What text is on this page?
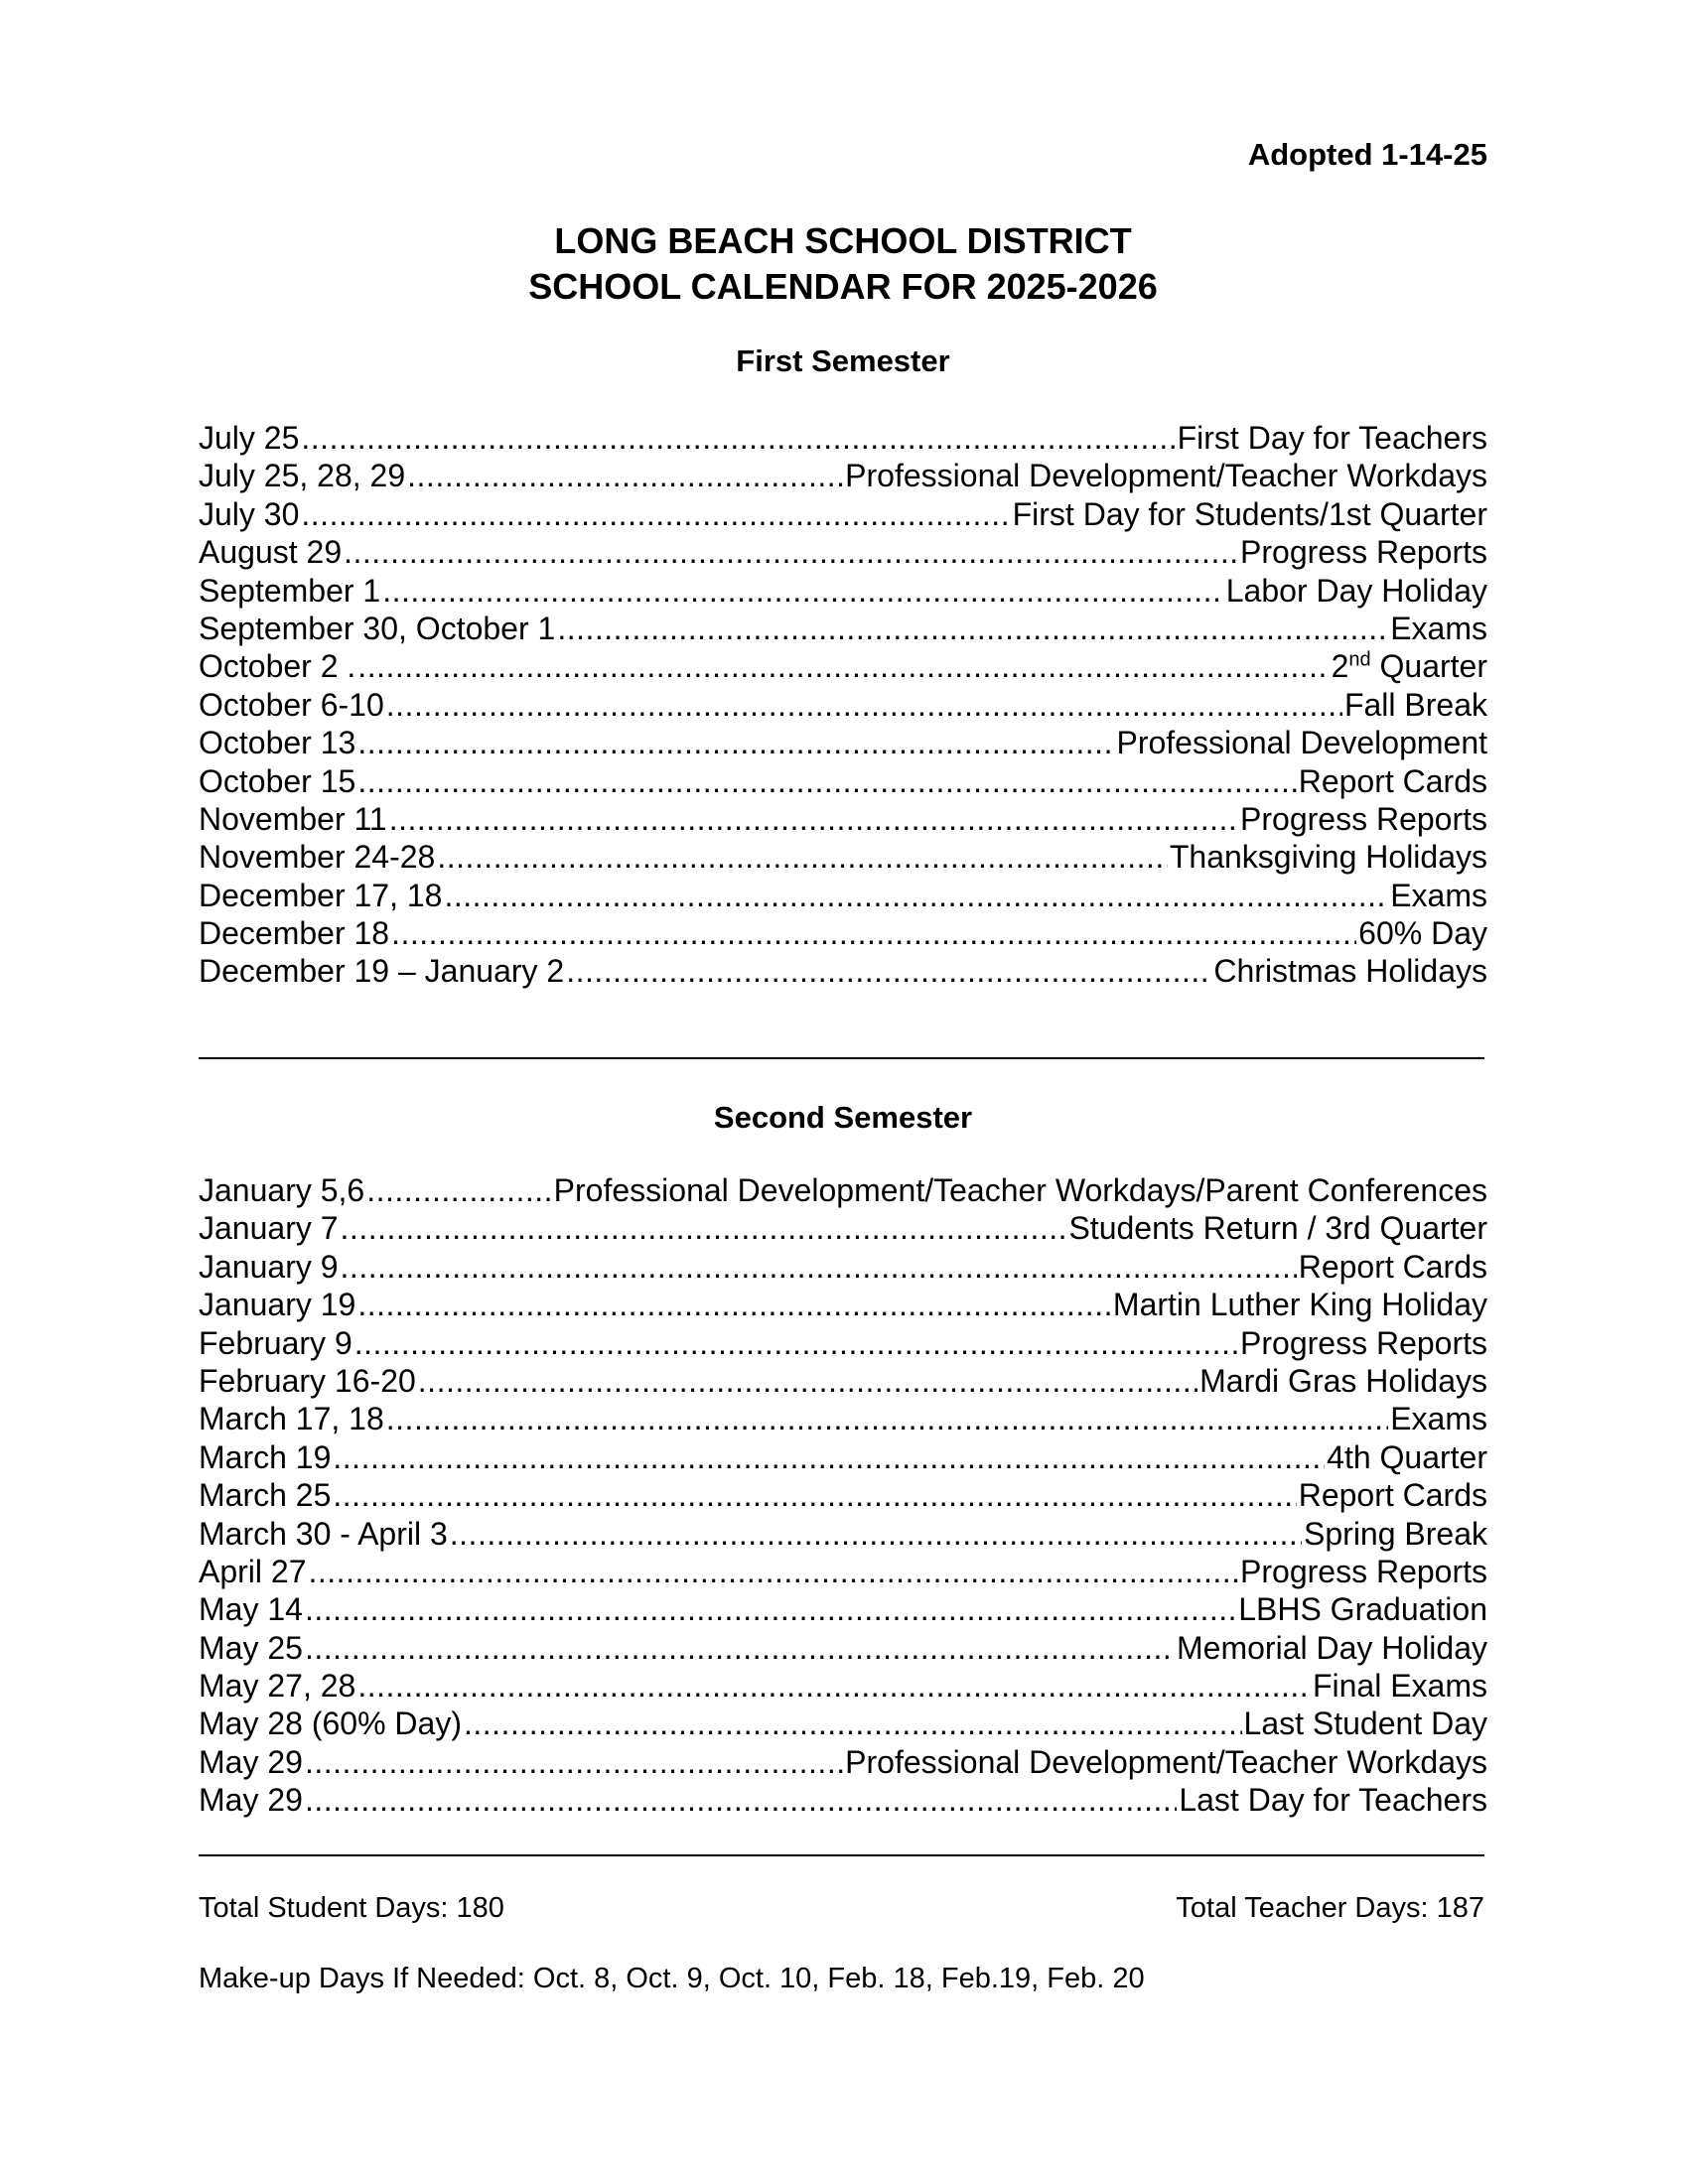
Adopted 1-14-25
LONG BEACH SCHOOL DISTRICT
SCHOOL CALENDAR FOR 2025-2026
First Semester
July 25 .....	First Day for Teachers
July 25, 28, 29 .....	Professional Development/Teacher Workdays
July 30 .....	First Day for Students/1st Quarter
August 29 .....	Progress Reports
September 1 .....	Labor Day Holiday
September 30, October 1 .....	Exams
October 2 . .....	2nd Quarter
October 6-10 .....	Fall Break
October 13 .....	Professional Development
October 15 .....	Report Cards
November 11 .....	Progress Reports
November 24-28 .....	Thanksgiving Holidays
December 17, 18 .....	Exams
December 18 .....	60% Day
December 19 – January 2 .....	Christmas Holidays
Second Semester
January 5,6 .....	Professional Development/Teacher Workdays/Parent Conferences
January 7 .....	Students Return / 3rd Quarter
January 9 .....	Report Cards
January 19 .....	Martin Luther King Holiday
February 9 .....	Progress Reports
February 16-20 .....	Mardi Gras Holidays
March 17, 18 .....	Exams
March 19 .....	4th Quarter
March 25 .....	Report Cards
March 30 - April 3 .....	Spring Break
April 27 .....	Progress Reports
May 14 .....	LBHS Graduation
May 25 .....	Memorial Day Holiday
May 27, 28 .....	Final Exams
May 28 (60% Day) .....	Last Student Day
May 29 .....	Professional Development/Teacher Workdays
May 29 .....	Last Day for Teachers
Total Student Days: 180	Total Teacher Days: 187
Make-up Days If Needed: Oct. 8, Oct. 9, Oct. 10, Feb. 18, Feb.19, Feb. 20
